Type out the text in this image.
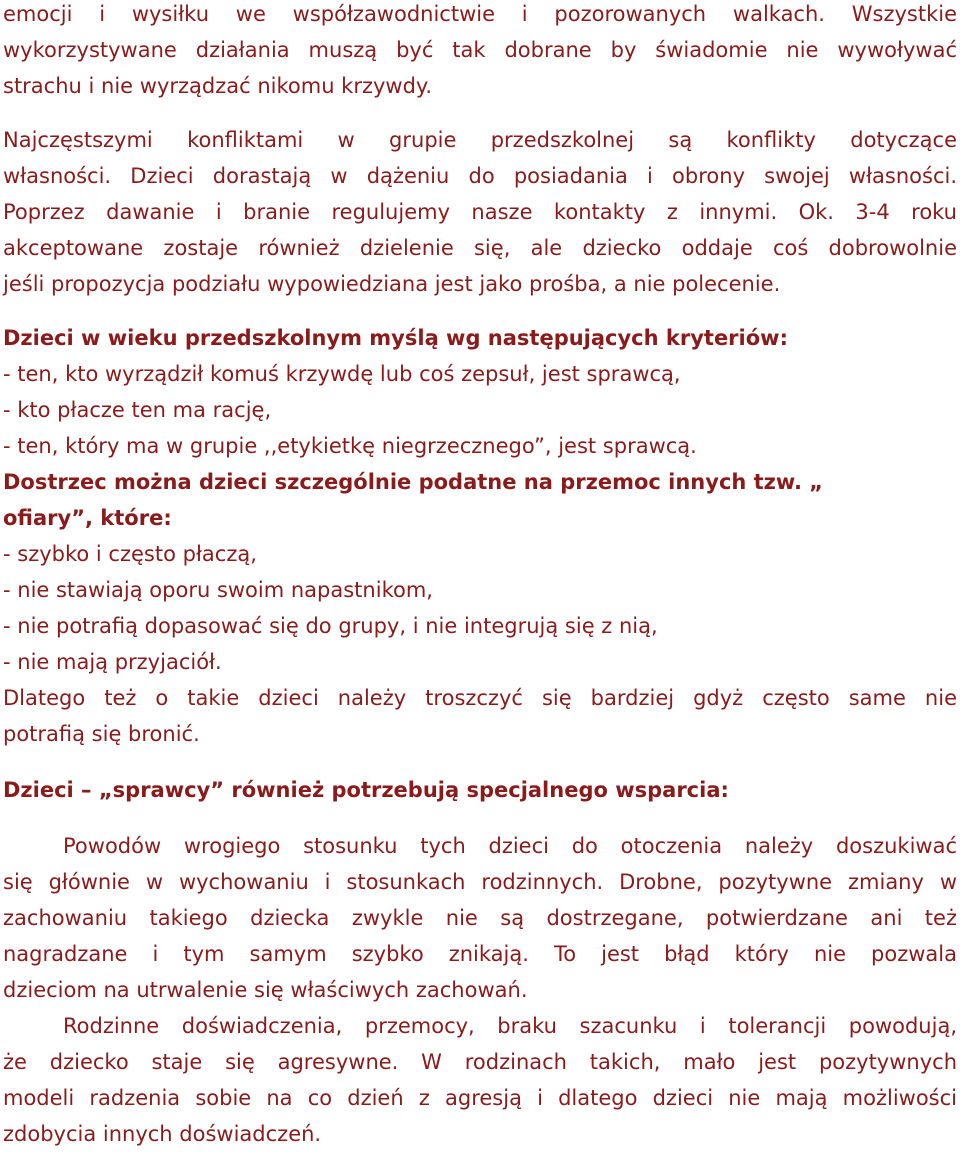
emocji i wysiłku we współzawodnictwie i pozorowanych walkach. Wszystkie
wykorzystywane działania muszą być tak dobrane by świadomie nie wywoływać
strachu i nie wyrządzać nikomu krzywdy.
Najczęstszymi konfliktami w grupie przedszkolnej są konflikty dotyczące
własności. Dzieci dorastają w dążeniu do posiadania i obrony swojej własności.
Poprzez dawanie i branie regulujemy nasze kontakty z innymi. Ok. 3-4 roku
akceptowane zostaje również dzielenie się, ale dziecko oddaje coś dobrowolnie
jeśli propozycja podziału wypowiedziana jest jako prośba, a nie polecenie.
Dzieci w wieku przedszkolnym myślą wg następujących kryteriów:
- ten, kto wyrządził komuś krzywdę lub coś zepsuł, jest sprawcą,
- kto płacze ten ma rację,
- ten, który ma w grupie ,,etykietkę niegrzecznego”, jest sprawcą.
Dostrzec można dzieci szczególnie podatne na przemoc innych tzw. „
ofiary”, które:
- szybko i często płaczą,
- nie stawiają oporu swoim napastnikom,
- nie potrafią dopasować się do grupy, i nie integrują się z nią,
- nie mają przyjaciół.
Dlatego też o takie dzieci należy troszczyć się bardziej gdyż często same nie
potrafią się bronić.
Dzieci – „sprawcy” również potrzebują specjalnego wsparcia:
Powodów wrogiego stosunku tych dzieci do otoczenia należy doszukiwać
się głównie w wychowaniu i stosunkach rodzinnych. Drobne, pozytywne zmiany w
zachowaniu takiego dziecka zwykle nie są dostrzegane, potwierdzane ani też
nagradzane i tym samym szybko znikają. To jest błąd który nie pozwala
dzieciom na utrwalenie się właściwych zachowań.
Rodzinne doświadczenia, przemocy, braku szacunku i tolerancji powodują,
że dziecko staje się agresywne. W rodzinach takich, mało jest pozytywnych
modeli radzenia sobie na co dzień z agresją i dlatego dzieci nie mają możliwości
zdobycia innych doświadczeń.
